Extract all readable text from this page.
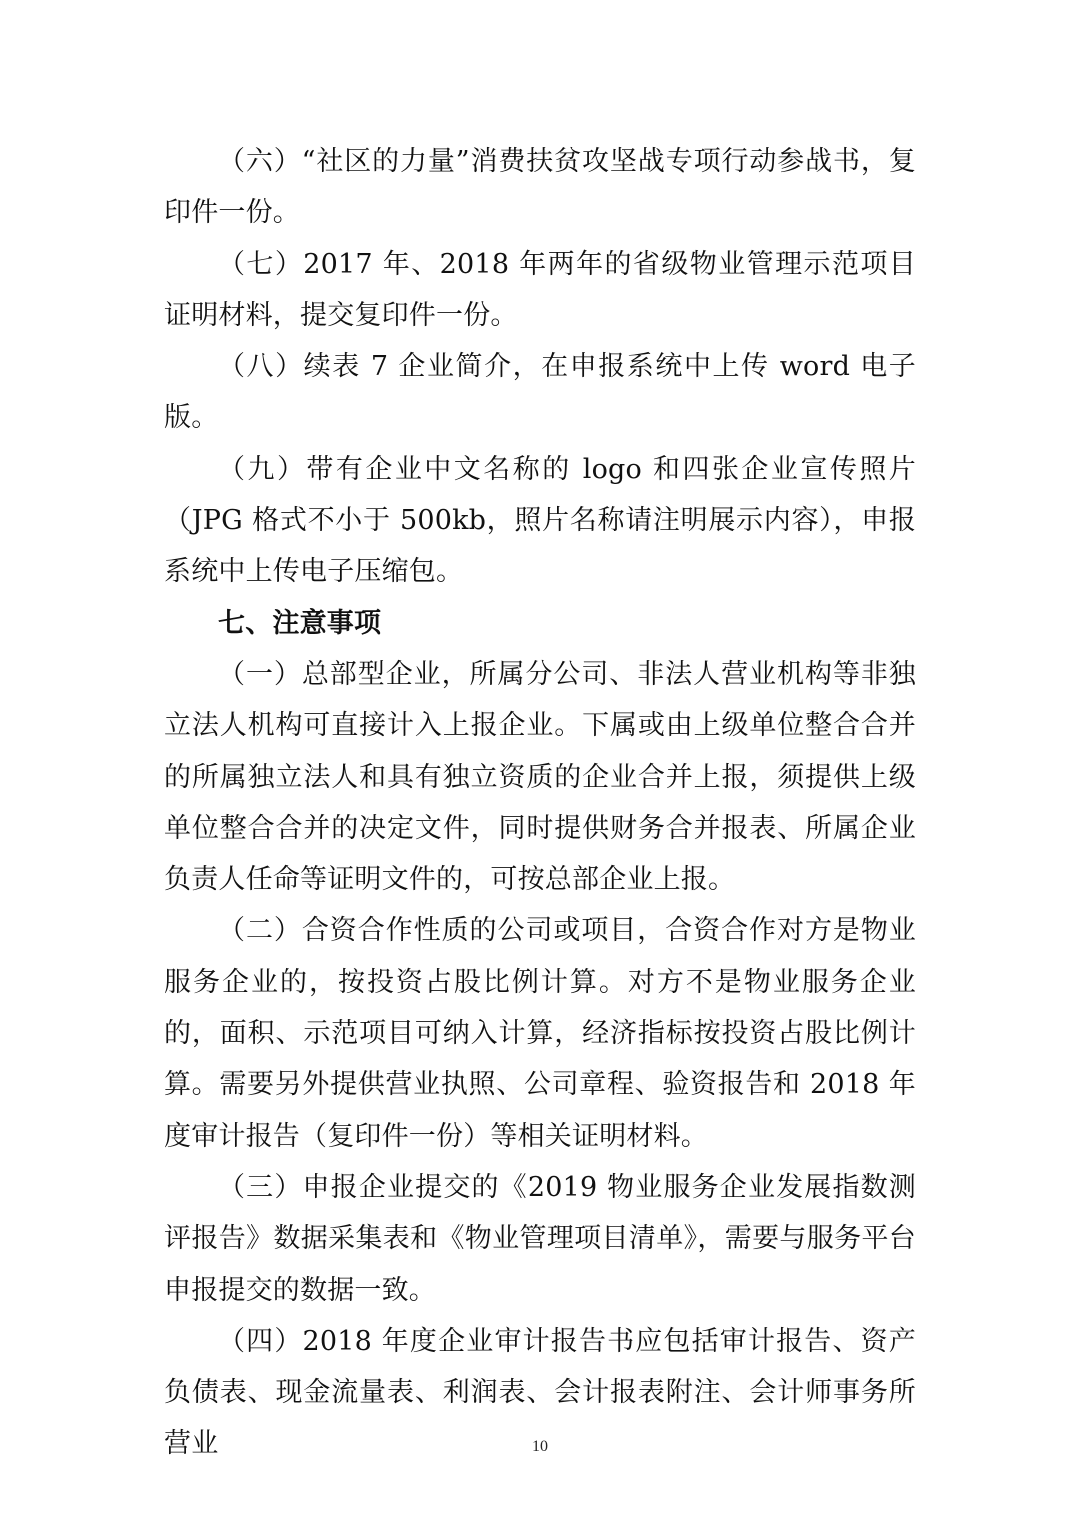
（六）“社区的力量”消费扶贫攻坚战专项行动参战书，复印件一份。

（七）2017 年、2018 年两年的省级物业管理示范项目证明材料，提交复印件一份。

（八）续表 7 企业简介，在申报系统中上传 word 电子版。

（九）带有企业中文名称的 logo 和四张企业宣传照片（JPG 格式不小于 500kb，照片名称请注明展示内容），申报系统中上传电子压缩包。

七、注意事项

（一）总部型企业，所属分公司、非法人营业机构等非独立法人机构可直接计入上报企业。下属或由上级单位整合合并的所属独立法人和具有独立资质的企业合并上报，须提供上级单位整合合并的决定文件，同时提供财务合并报表、所属企业负责人任命等证明文件的，可按总部企业上报。

（二）合资合作性质的公司或项目，合资合作对方是物业服务企业的，按投资占股比例计算。对方不是物业服务企业的，面积、示范项目可纳入计算，经济指标按投资占股比例计算。需要另外提供营业执照、公司章程、验资报告和 2018 年度审计报告（复印件一份）等相关证明材料。

（三）申报企业提交的《2019 物业服务企业发展指数测评报告》数据采集表和《物业管理项目清单》，需要与服务平台申报提交的数据一致。

（四）2018 年度企业审计报告书应包括审计报告、资产负债表、现金流量表、利润表、会计报表附注、会计师事务所营业	10
